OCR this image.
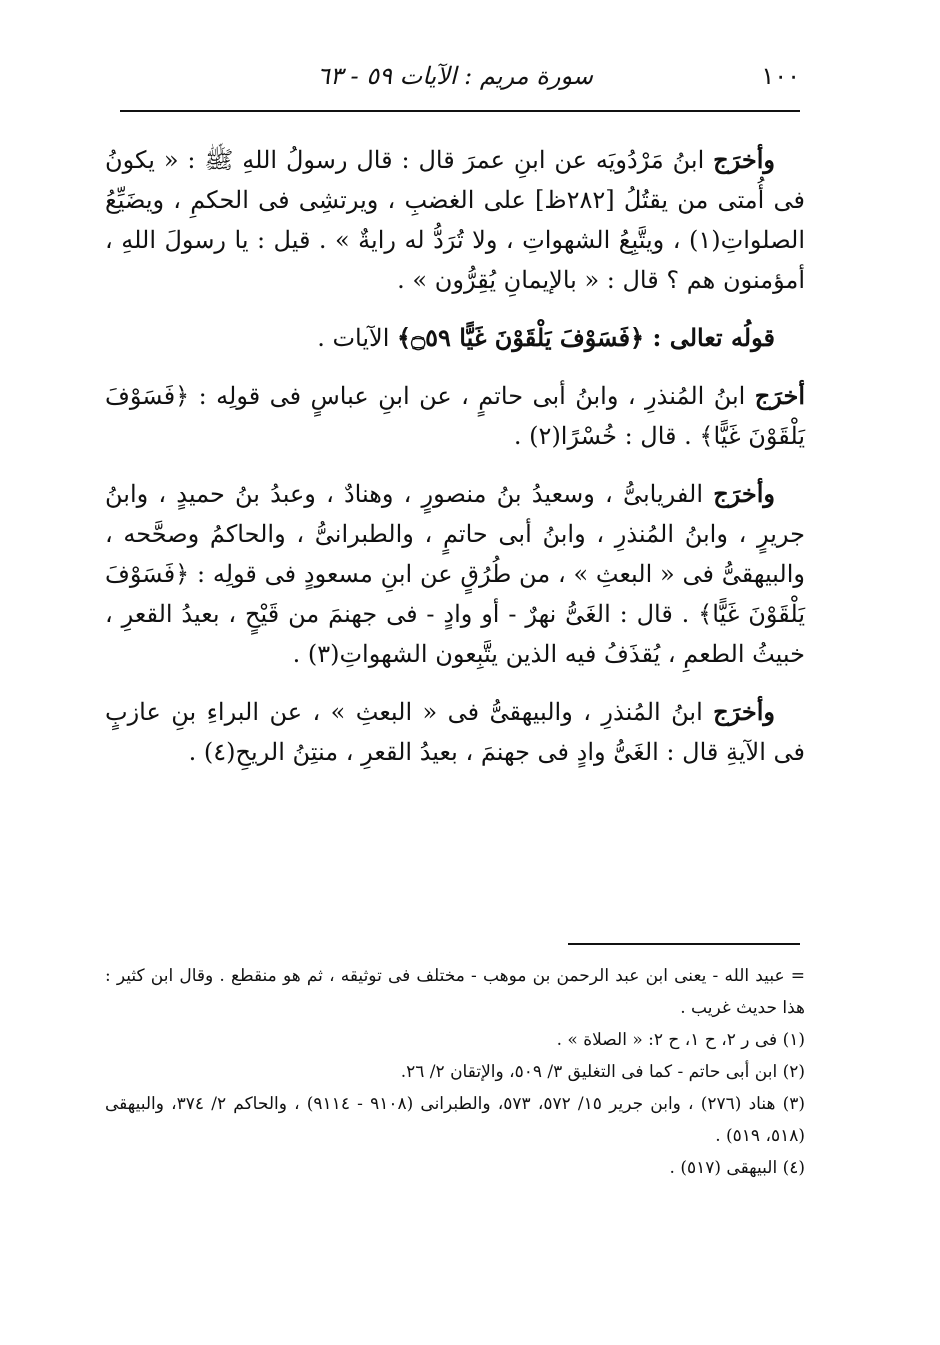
١٠٠
سورة مريم : الآيات ٥٩ - ٦٣

وأخرَج ابنُ مَرْدُويَه عن ابنِ عمرَ قال : قال رسولُ اللهِ ﷺ : « يكونُ فى أُمتى من يقتُلُ [٢٨٢ظ] على الغضبِ ، ويرتشِى فى الحكمِ ، ويضَيِّعُ الصلواتِ(١) ، ويتَّبِعُ الشهواتِ ، ولا تُرَدُّ له رايةٌ » . قيل : يا رسولَ اللهِ ، أمؤمنون هم ؟ قال : « بالإيمانِ يُقِرُّون » .

قولُه تعالى : ﴿فَسَوْفَ يَلْقَوْنَ غَيًّا ۝٥٩﴾ الآيات .

أخرَج ابنُ المُنذرِ ، وابنُ أبى حاتمٍ ، عن ابنِ عباسٍ فى قولِه : ﴿فَسَوْفَ يَلْقَوْنَ غَيًّا﴾ . قال : خُسْرًا(٢) .

وأخرَج الفريابىُّ ، وسعيدُ بنُ منصورٍ ، وهنادٌ ، وعبدُ بنُ حميدٍ ، وابنُ جريرٍ ، وابنُ المُنذرِ ، وابنُ أبى حاتمٍ ، والطبرانىُّ ، والحاكمُ وصحَّحه ، والبيهقىُّ فى « البعثِ » ، من طُرُقٍ عن ابنِ مسعودٍ فى قولِه : ﴿فَسَوْفَ يَلْقَوْنَ غَيًّا﴾ . قال : الغَىُّ نهرٌ - أو وادٍ - فى جهنمَ من قَيْحٍ ، بعيدُ القعرِ ، خبيثُ الطعمِ ، يُقذَفُ فيه الذين يتَّبِعون الشهواتِ(٣) .

وأخرَج ابنُ المُنذرِ ، والبيهقىُّ فى « البعثِ » ، عن البراءِ بنِ عازبٍ فى الآيةِ قال : الغَىُّ وادٍ فى جهنمَ ، بعيدُ القعرِ ، منتِنُ الريحِ(٤) .

= عبيد الله - يعنى ابن عبد الرحمن بن موهب - مختلف فى توثيقه ، ثم هو منقطع . وقال ابن كثير : هذا حديث غريب .

(١) فى ر ٢، ح ١، ح ٢: « الصلاة » .

(٢) ابن أبى حاتم - كما فى التغليق ٣/ ٥٠٩، والإتقان ٢/ ٢٦.

(٣) هناد (٢٧٦) ، وابن جرير ١٥/ ٥٧٢، ٥٧٣، والطبرانى (٩١٠٨ - ٩١١٤) ، والحاكم ٢/ ٣٧٤، والبيهقى (٥١٨، ٥١٩) .

(٤) البيهقى (٥١٧) .
